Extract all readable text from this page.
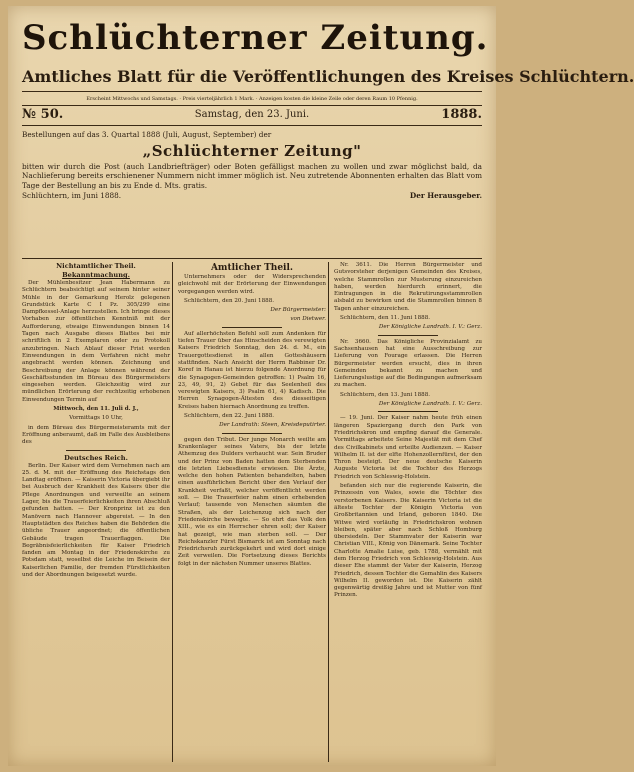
Schlüchterner Zeitung.
Amtliches Blatt für die Veröffentlichungen des Kreises Schlüchtern.
Erscheint Mittwochs und Samstags. · Preis vierteljährlich 1 Mark. · Anzeigen kosten die kleine Zeile oder deren Raum 10 Pfennig.
Samstag, den 23. Juni.
№ 50.	1888.
Bestellungen auf das 3. Quartal 1888 (Juli, August, September) der
„Schlüchterner Zeitung"
bitten wir durch die Post (auch Landbriefträger) oder Boten gefälligst machen zu wollen und zwar möglichst bald, da Nachlieferung bereits erschienener Nummern nicht immer möglich ist. Neu zutretende Abonnenten erhalten das Blatt vom Tage der Bestellung an bis zu Ende d. Mts. gratis.
Schlüchtern, im Juni 1888.	Der Herausgeber.
Nichtamtlicher Theil.
Bekanntmachung.

Der Mühlenbesitzer Jean Habermann zu Schlüchtern beabsichtigt auf seinem hinter seiner Mühle in der Gemarkung Herolz gelegenen Grundstück Karte C I Pz. 305/299 eine Dampfkessel-Anlage herzustellen. Ich bringe dieses Vorhaben zur öffentlichen Kenntniß mit der Aufforderung, etwaige Einwendungen binnen 14 Tagen nach Ausgabe dieses Blattes bei mir schriftlich in 2 Exemplaren oder zu Protokoll anzubringen. Nach Ablauf dieser Frist werden Einwendungen in dem Verfahren nicht mehr angebracht werden können. Zeichnung und Beschreibung der Anlage können während der Geschäftsstunden im Büreau des Bürgermeisters eingesehen werden. Gleichzeitig wird zur mündlichen Erörterung der rechtzeitig erhobenen Einwendungen Termin auf

Mittwoch, den 11. Juli d. J.,

Vormittags 10 Uhr,

in dem Büreau des Bürgermeisteramts mit der Eröffnung anberaumt, daß im Falle des Ausbleibens des

Deutsches Reich.

Berlin. Der Kaiser wird dem Vernehmen nach am 25. d. M. mit der Eröffnung des Reichstags den Landtag eröffnen. — Kaiserin Victoria übergiebt ihr bei Ausbruch der Krankheit des Kaisers über die Pflege Anordnungen und verweilte an seinem Lager, bis die Trauerfeierlichkeiten ihren Abschluß gefunden hatten. — Der Kronprinz ist zu den Manövern nach Hannover abgereist. — In den Hauptstädten des Reiches haben die Behörden die übliche Trauer angeordnet; die öffentlichen Gebäude tragen Trauerflaggen. Die Begräbnisfeierlichkeiten für Kaiser Friedrich fanden am Montag in der Friedenskirche zu Potsdam statt, woselbst die Leiche im Beisein der Kaiserlichen Familie, der fremden Fürstlichkeiten und der Abordnungen beigesetzt wurde.

Amtlicher Theil.

Unternehmers oder der Widersprechenden gleichwohl mit der Erörterung der Einwendungen vorgegangen werden wird.

Schlüchtern, den 20. Juni 1888.

Der Bürgermeister:

von Dietwer.

Auf allerhöchsten Befehl soll zum Andenken für tiefen Trauer über das Hinscheiden des verewigten Kaisers Friedrich Sonntag, den 24. d. M., ein Trauergottesdienst in allen Gotteshäusern stattfinden. Nach Ansicht der Herrn Rabbiner Dr. Koref in Hanau ist hierzu folgende Anordnung für die Synagogen-Gemeinden getroffen: 1) Psalm 16, 23, 49, 91, 2) Gebet für das Seelenheil des verewigten Kaisers, 3) Psalm 61, 4) Kadisch. Die Herren Synagogen-Ältesten des diesseitigen Kreises haben hiernach Anordnung zu treffen.

Schlüchtern, den 22. Juni 1888.

Der Landrath: Steen, Kreisdeputirter.

gegen den Tribut. Der junge Monarch weilte am Krankenlager seines Vaters, bis der letzte Athemzug des Dulders verhaucht war. Sein Bruder und der Prinz von Baden hatten dem Sterbenden die letzten Liebesdienste erwiesen. Die Ärzte, welche den hohen Patienten behandelten, haben einen ausführlichen Bericht über den Verlauf der Krankheit verfaßt, welcher veröffentlicht werden soll. — Die Trauerfeier nahm einen erhebenden Verlauf; tausende von Menschen säumten die Straßen, als der Leichenzug sich nach der Friedenskirche bewegte. — So ehrt das Volk den XIII., wie es ein Herrscher ehren soll; der Kaiser hat gezeigt, wie man sterben soll. — Der Reichskanzler Fürst Bismarck ist am Sonntag nach Friedrichsruh zurückgekehrt und wird dort einige Zeit verweilen. Die Fortsetzung dieses Berichts folgt in der nächsten Nummer unseres Blattes.

Nr. 3611. Die Herren Bürgermeister und Gutsvorsteher derjenigen Gemeinden des Kreises, welche Stammrollen zur Musterung einzureichen haben, werden hierdurch erinnert, die Eintragungen in die Rekrutirungsstammrollen alsbald zu bewirken und die Stammrollen binnen 8 Tagen anher einzureichen.

Schlüchtern, den 11. Juni 1888.

Der Königliche Landrath. I. V.: Gerz.

Nr. 3660. Das Königliche Provinzialamt zu Sachsenhausen hat eine Ausschreibung zur Lieferung von Fourage erlassen. Die Herren Bürgermeister werden ersucht, dies in ihren Gemeinden bekannt zu machen und Lieferungslustige auf die Bedingungen aufmerksam zu machen.

Schlüchtern, den 13. Juni 1888.

Der Königliche Landrath. I. V.: Gerz.

— 19. Juni. Der Kaiser nahm heute früh einen längeren Spaziergang durch den Park von Friedrichskron und empfing darauf die Generale. Vormittags arbeitete Seine Majestät mit dem Chef des Civilkabinets und erteilte Audienzen. — Kaiser Wilhelm II. ist der elfte Hohenzollernfürst, der den Thron besteigt. Der neue deutsche Kaiserin Auguste Victoria ist die Tochter des Herzogs Friedrich von Schleswig-Holstein.

befanden sich nur die regierende Kaiserin, die Prinzessin von Wales, sowie die Töchter des verstorbenen Kaisers. Die Kaiserin Victoria ist die älteste Tochter der Königin Victoria von Großbritannien und Irland, geboren 1840. Die Witwe wird vorläufig in Friedrichskron wohnen bleiben, später aber nach Schloß Homburg übersiedeln. Der Stammvater der Kaiserin war Christian VIII., König von Dänemark. Seine Tochter Charlotte Amalie Luise, geb. 1788, vermählt mit dem Herzog Friedrich von Schleswig-Holstein. Aus dieser Ehe stammt der Vater der Kaiserin, Herzog Friedrich, dessen Tochter die Gemahlin des Kaisers Wilhelm II. geworden ist. Die Kaiserin zählt gegenwärtig dreißig Jahre und ist Mutter von fünf Prinzen.
